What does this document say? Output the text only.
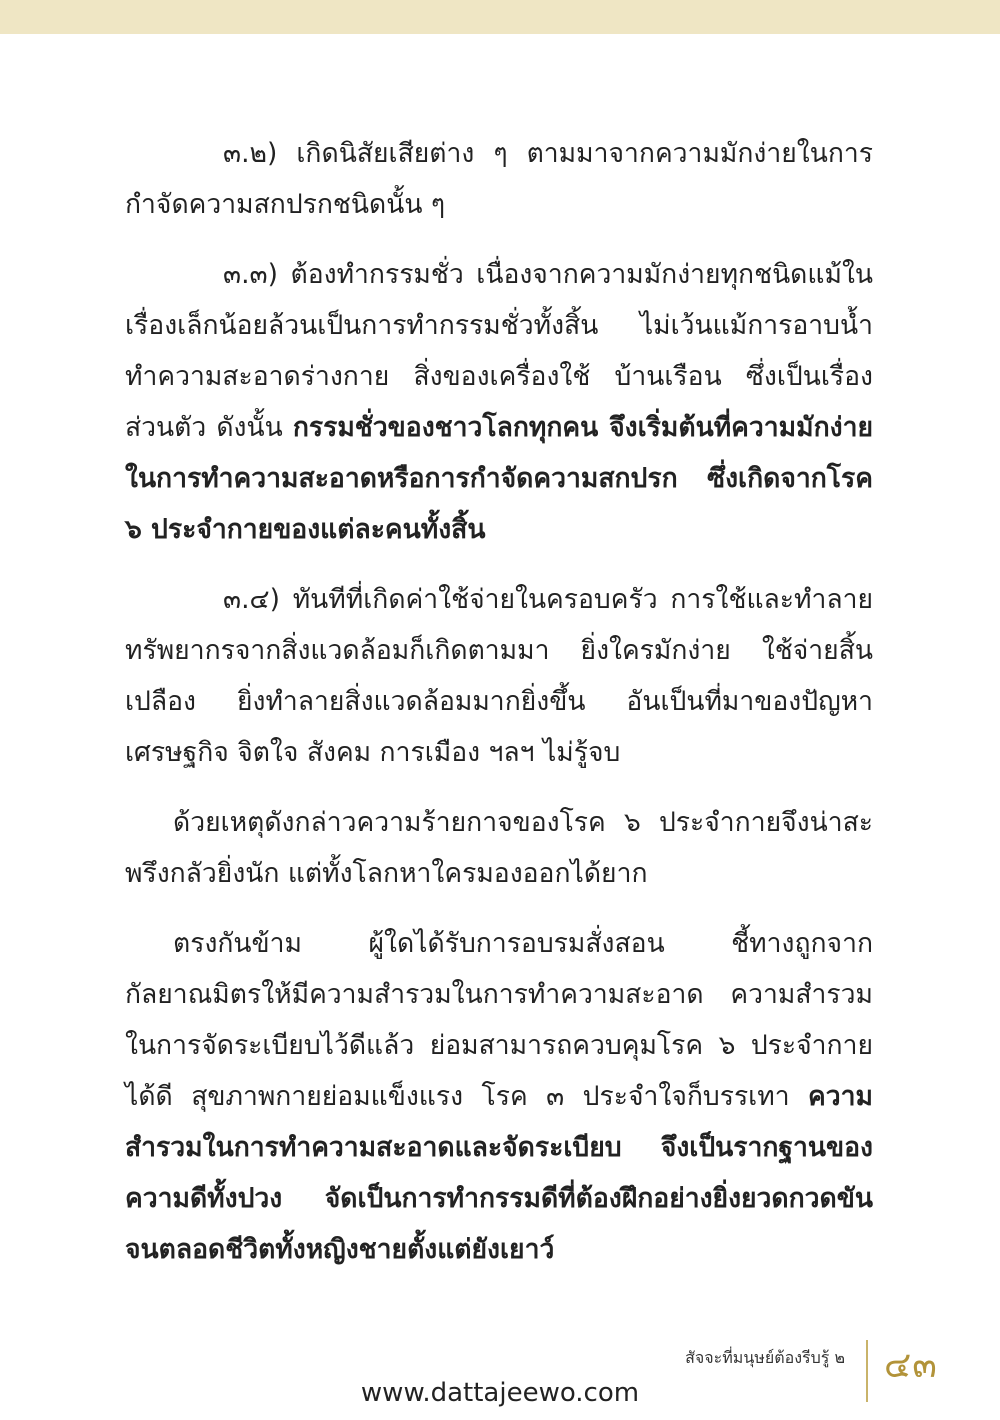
๓.๒) เกิดนิสัยเสียต่าง ๆ ตามมาจากความมักง่ายในการกำจัดความสกปรกชนิดนั้น ๆ

๓.๓) ต้องทำกรรมชั่ว เนื่องจากความมักง่ายทุกชนิดแม้ในเรื่องเล็กน้อยล้วนเป็นการทำกรรมชั่วทั้งสิ้น ไม่เว้นแม้การอาบน้ำทำความสะอาดร่างกาย สิ่งของเครื่องใช้ บ้านเรือน ซึ่งเป็นเรื่องส่วนตัว ดังนั้น กรรมชั่วของชาวโลกทุกคน จึงเริ่มต้นที่ความมักง่ายในการทำความสะอาดหรือการกำจัดความสกปรก ซึ่งเกิดจากโรค ๖ ประจำกายของแต่ละคนทั้งสิ้น

๓.๔) ทันทีที่เกิดค่าใช้จ่ายในครอบครัว การใช้และทำลายทรัพยากรจากสิ่งแวดล้อมก็เกิดตามมา ยิ่งใครมักง่าย ใช้จ่ายสิ้นเปลือง ยิ่งทำลายสิ่งแวดล้อมมากยิ่งขึ้น อันเป็นที่มาของปัญหาเศรษฐกิจ จิตใจ สังคม การเมือง ฯลฯ ไม่รู้จบ

ด้วยเหตุดังกล่าวความร้ายกาจของโรค ๖ ประจำกายจึงน่าสะพรึงกลัวยิ่งนัก แต่ทั้งโลกหาใครมองออกได้ยาก

ตรงกันข้าม ผู้ใดได้รับการอบรมสั่งสอน ชี้ทางถูกจากกัลยาณมิตรให้มีความสำรวมในการทำความสะอาด ความสำรวมในการจัดระเบียบไว้ดีแล้ว ย่อมสามารถควบคุมโรค ๖ ประจำกายได้ดี สุขภาพกายย่อมแข็งแรง โรค ๓ ประจำใจก็บรรเทา ความสำรวมในการทำความสะอาดและจัดระเบียบ จึงเป็นรากฐานของความดีทั้งปวง จัดเป็นการทำกรรมดีที่ต้องฝึกอย่างยิ่งยวดกวดขันจนตลอดชีวิตทั้งหญิงชายตั้งแต่ยังเยาว์

สัจจะที่มนุษย์ต้องรีบรู้ ๒ ๔๓
www.dattajeewo.com
